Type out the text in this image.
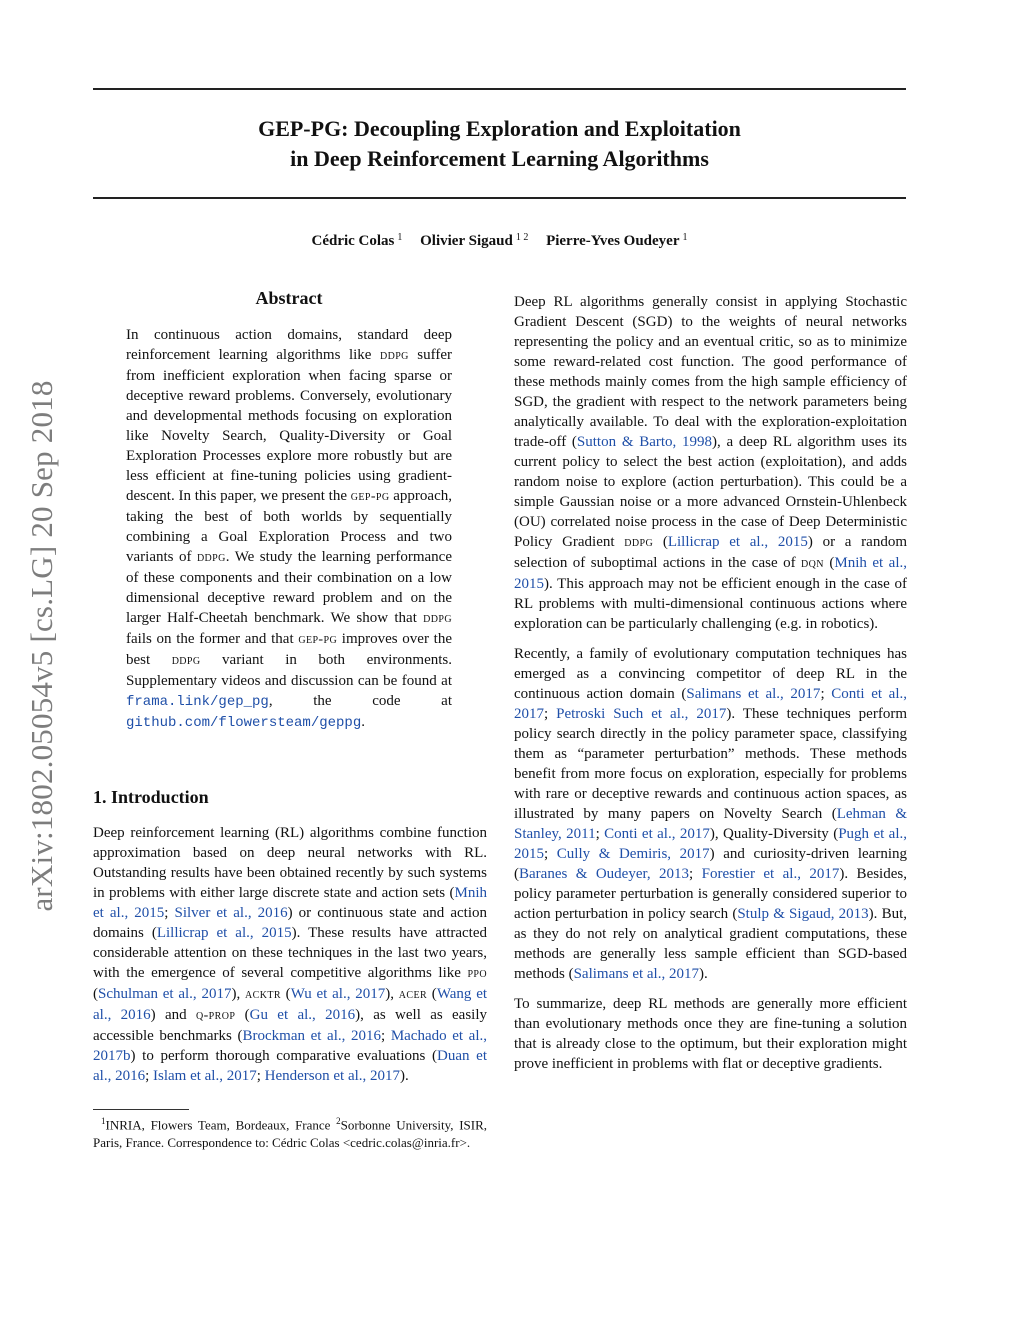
GEP-PG: Decoupling Exploration and Exploitation
in Deep Reinforcement Learning Algorithms
Cédric Colas $^1$ Olivier Sigaud $^{1 2}$ Pierre-Yves Oudeyer $^1$
arXiv:1802.05054v5 [cs.LG] 20 Sep 2018
Abstract
In continuous action domains, standard deep reinforcement learning algorithms like ddpg suffer from inefficient exploration when facing sparse or deceptive reward problems. Conversely, evolutionary and developmental methods focusing on exploration like Novelty Search, Quality-Diversity or Goal Exploration Processes explore more robustly but are less efficient at fine-tuning policies using gradient-descent. In this paper, we present the gep-pg approach, taking the best of both worlds by sequentially combining a Goal Exploration Process and two variants of ddpg. We study the learning performance of these components and their combination on a low dimensional deceptive reward problem and on the larger Half-Cheetah benchmark. We show that ddpg fails on the former and that gep-pg improves over the best ddpg variant in both environments. Supplementary videos and discussion can be found at frama.link/gep_pg, the code at github.com/flowersteam/geppg.
1. Introduction

Deep reinforcement learning (RL) algorithms combine function approximation based on deep neural networks with RL. Outstanding results have been obtained recently by such systems in problems with either large discrete state and action sets (Mnih et al., 2015; Silver et al., 2016) or continuous state and action domains (Lillicrap et al., 2015). These results have attracted considerable attention on these techniques in the last two years, with the emergence of several competitive algorithms like ppo (Schulman et al., 2017), acktr (Wu et al., 2017), acer (Wang et al., 2016) and q-prop (Gu et al., 2016), as well as easily accessible benchmarks (Brockman et al., 2016; Machado et al., 2017b) to perform thorough comparative evaluations (Duan et al., 2016; Islam et al., 2017; Henderson et al., 2017).

$^1$INRIA, Flowers Team, Bordeaux, France $^2$Sorbonne University, ISIR, Paris, France. Correspondence to: Cédric Colas <cedric.colas@inria.fr>.

Deep RL algorithms generally consist in applying Stochastic Gradient Descent (SGD) to the weights of neural networks representing the policy and an eventual critic, so as to minimize some reward-related cost function. The good performance of these methods mainly comes from the high sample efficiency of SGD, the gradient with respect to the network parameters being analytically available. To deal with the exploration-exploitation trade-off (Sutton & Barto, 1998), a deep RL algorithm uses its current policy to select the best action (exploitation), and adds random noise to explore (action perturbation). This could be a simple Gaussian noise or a more advanced Ornstein-Uhlenbeck (OU) correlated noise process in the case of Deep Deterministic Policy Gradient ddpg (Lillicrap et al., 2015) or a random selection of suboptimal actions in the case of dqn (Mnih et al., 2015). This approach may not be efficient enough in the case of RL problems with multi-dimensional continuous actions where exploration can be particularly challenging (e.g. in robotics).

Recently, a family of evolutionary computation techniques has emerged as a convincing competitor of deep RL in the continuous action domain (Salimans et al., 2017; Conti et al., 2017; Petroski Such et al., 2017). These techniques perform policy search directly in the policy parameter space, classifying them as “parameter perturbation” methods. These methods benefit from more focus on exploration, especially for problems with rare or deceptive rewards and continuous action spaces, as illustrated by many papers on Novelty Search (Lehman & Stanley, 2011; Conti et al., 2017), Quality-Diversity (Pugh et al., 2015; Cully & Demiris, 2017) and curiosity-driven learning (Baranes & Oudeyer, 2013; Forestier et al., 2017). Besides, policy parameter perturbation is generally considered superior to action perturbation in policy search (Stulp & Sigaud, 2013). But, as they do not rely on analytical gradient computations, these methods are generally less sample efficient than SGD-based methods (Salimans et al., 2017).

To summarize, deep RL methods are generally more efficient than evolutionary methods once they are fine-tuning a solution that is already close to the optimum, but their exploration might prove inefficient in problems with flat or deceptive gradients.
